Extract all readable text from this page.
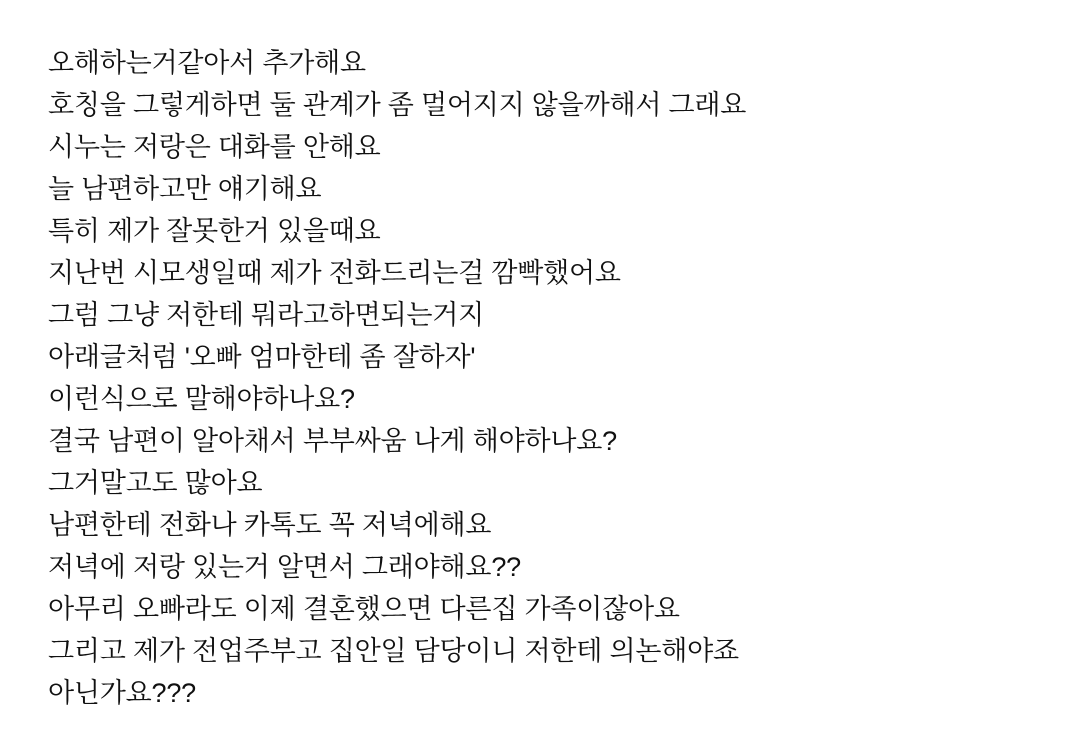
오해하는거같아서 추가해요

호칭을 그렇게하면 둘 관계가 좀 멀어지지 않을까해서 그래요

시누는 저랑은 대화를 안해요

늘 남편하고만 얘기해요

특히 제가 잘못한거 있을때요

지난번 시모생일때 제가 전화드리는걸 깜빡했어요

그럼 그냥 저한테 뭐라고하면되는거지

아래글처럼 '오빠 엄마한테 좀 잘하자'

이런식으로 말해야하나요?

결국 남편이 알아채서 부부싸움 나게 해야하나요?

그거말고도 많아요

남편한테 전화나 카톡도 꼭 저녁에해요

저녁에 저랑 있는거 알면서 그래야해요??

아무리 오빠라도 이제 결혼했으면 다른집 가족이잖아요

그리고 제가 전업주부고 집안일 담당이니 저한테 의논해야죠

아닌가요???
